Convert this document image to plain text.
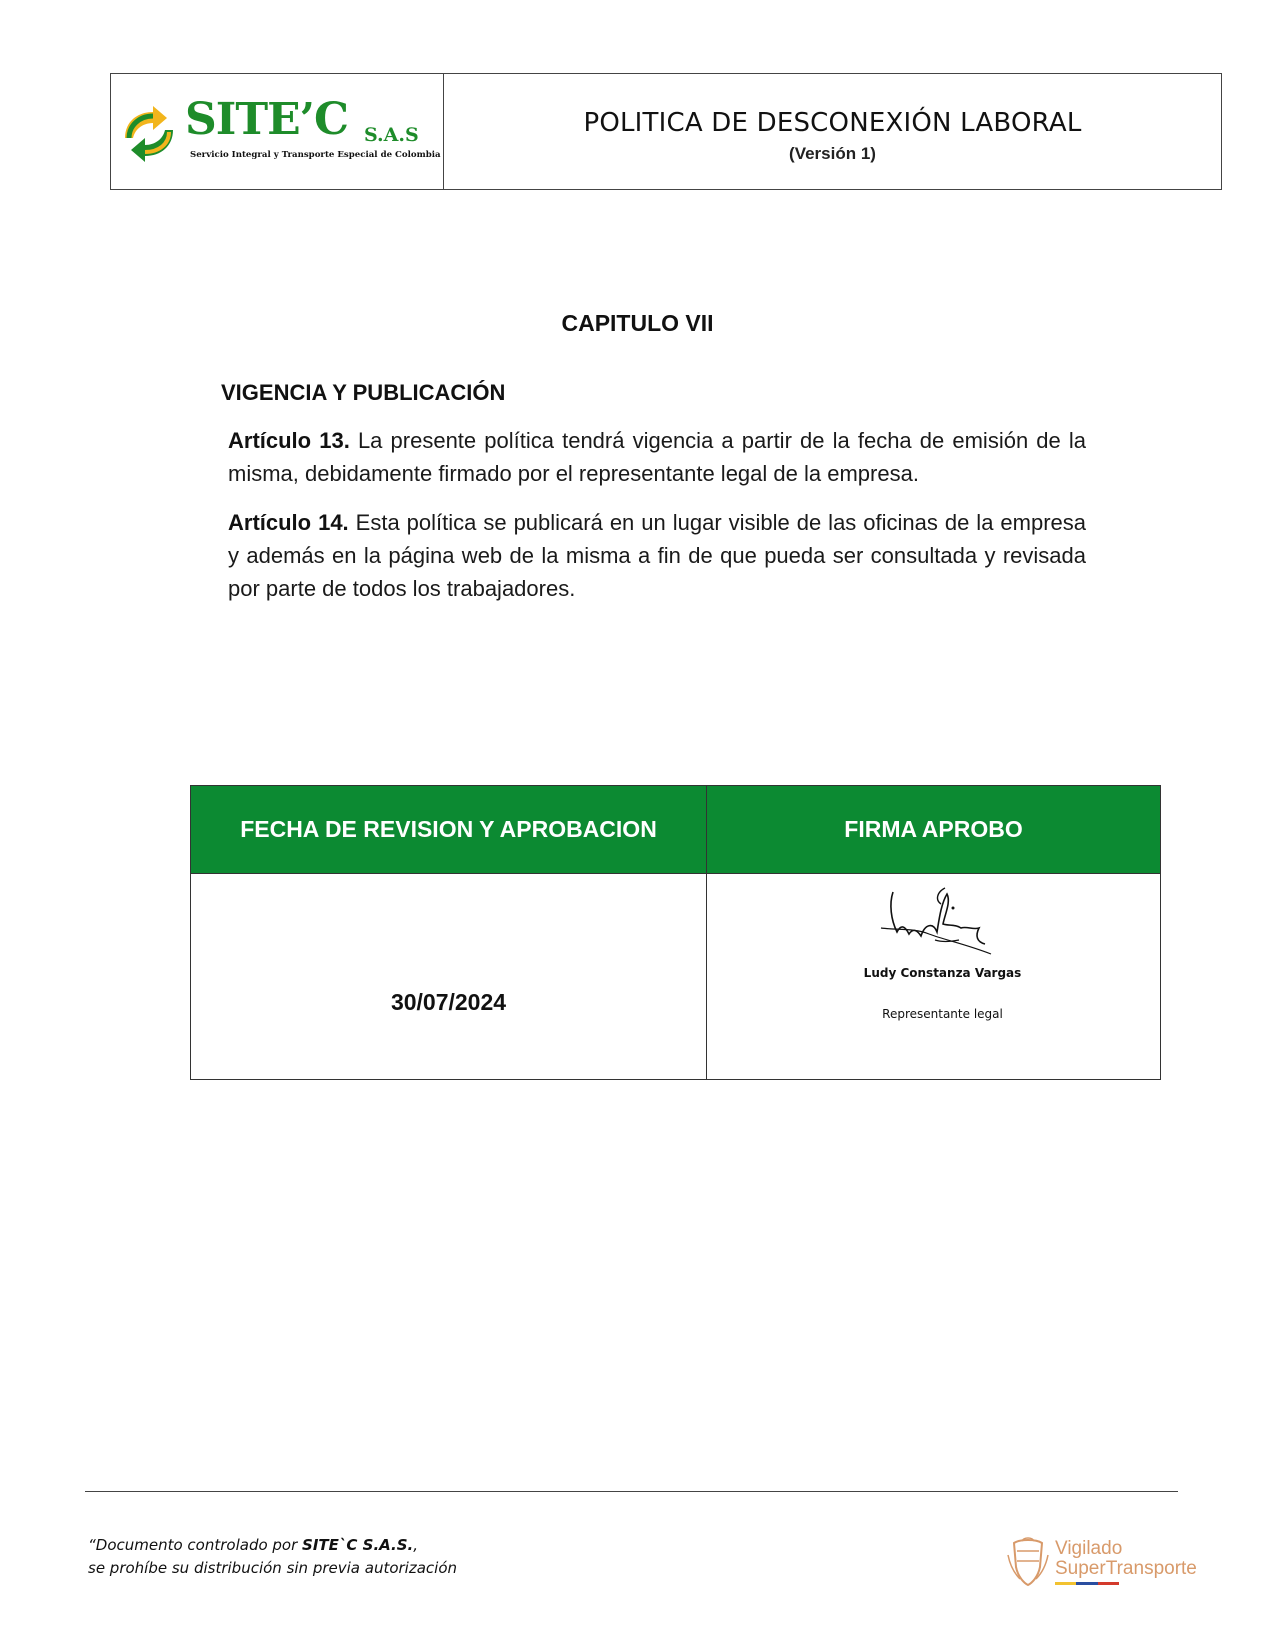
SITE’C S.A.S
Servicio Integral y Transporte Especial de Colombia
POLITICA DE DESCONEXIÓN LABORAL
(Versión 1)
CAPITULO VII
VIGENCIA Y PUBLICACIÓN
Artículo 13. La presente política tendrá vigencia a partir de la fecha de emisión de la misma, debidamente firmado por el representante legal de la empresa.
Artículo 14. Esta política se publicará en un lugar visible de las oficinas de la empresa y además en la página web de la misma a fin de que pueda ser consultada y revisada por parte de todos los trabajadores.
FECHA DE REVISION Y APROBACION	FIRMA APROBO
30/07/2024
Ludy Constanza Vargas
Representante legal
“Documento controlado por SITE`C S.A.S.,
se prohíbe su distribución sin previa autorización
Vigilado
SuperTransporte
